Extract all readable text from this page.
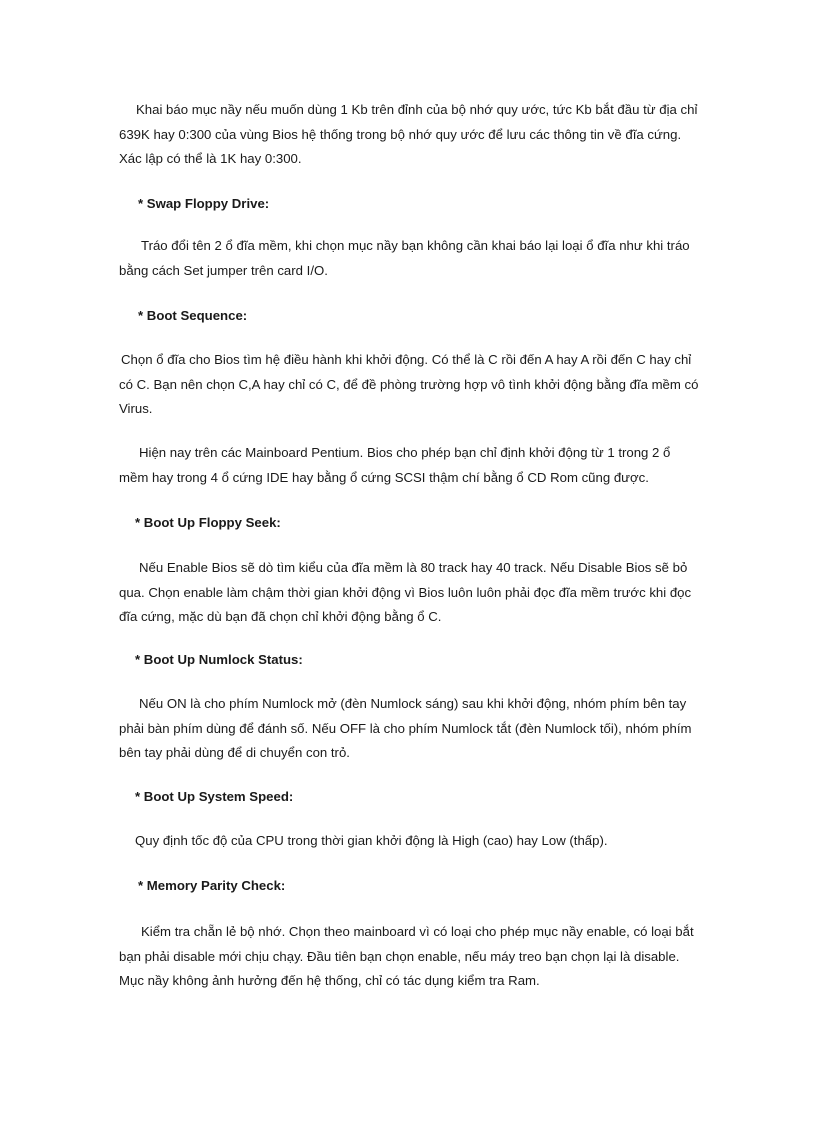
Khai báo mục nầy nếu muốn dùng 1 Kb trên đỉnh của bộ nhớ quy ước, tức Kb bắt đầu từ địa chỉ 639K hay 0:300 của vùng Bios hệ thống trong bộ nhớ quy ước để lưu các thông tin về đĩa cứng. Xác lập có thể là 1K hay 0:300.

* Swap Floppy Drive:

Tráo đổi tên 2 ổ đĩa mềm, khi chọn mục nầy bạn không cần khai báo lại loại ổ đĩa như khi tráo bằng cách Set jumper trên card I/O.

* Boot Sequence:

Chọn ổ đĩa cho Bios tìm hệ điều hành khi khởi động. Có thể là C rồi đến A hay A rồi đến C hay chỉ có C. Bạn nên chọn C,A hay chỉ có C, để đề phòng trường hợp vô tình khởi động bằng đĩa mềm có Virus.

Hiện nay trên các Mainboard Pentium. Bios cho phép bạn chỉ định khởi động từ 1 trong 2 ổ mềm hay trong 4 ổ cứng IDE hay bằng ổ cứng SCSI thậm chí bằng ổ CD Rom cũng được.

* Boot Up Floppy Seek:

Nếu Enable Bios sẽ dò tìm kiểu của đĩa mềm là 80 track hay 40 track. Nếu Disable Bios sẽ bỏ qua. Chọn enable làm chậm thời gian khởi động vì Bios luôn luôn phải đọc đĩa mềm trước khi đọc đĩa cứng, mặc dù bạn đã chọn chỉ khởi động bằng ổ C.

* Boot Up Numlock Status:

Nếu ON là cho phím Numlock mở (đèn Numlock sáng) sau khi khởi động, nhóm phím bên tay phải bàn phím dùng để đánh số. Nếu OFF là cho phím Numlock tắt (đèn Numlock tối), nhóm phím bên tay phải dùng để di chuyển con trỏ.

* Boot Up System Speed:

Quy định tốc độ của CPU trong thời gian khởi động là High (cao) hay Low (thấp).

* Memory Parity Check:

Kiểm tra chẵn lẻ bộ nhớ. Chọn theo mainboard vì có loại cho phép mục nầy enable, có loại bắt bạn phải disable mới chịu chạy. Đầu tiên bạn chọn enable, nếu máy treo bạn chọn lại là disable. Mục nầy không ảnh hưởng đến hệ thống, chỉ có tác dụng kiểm tra Ram.
